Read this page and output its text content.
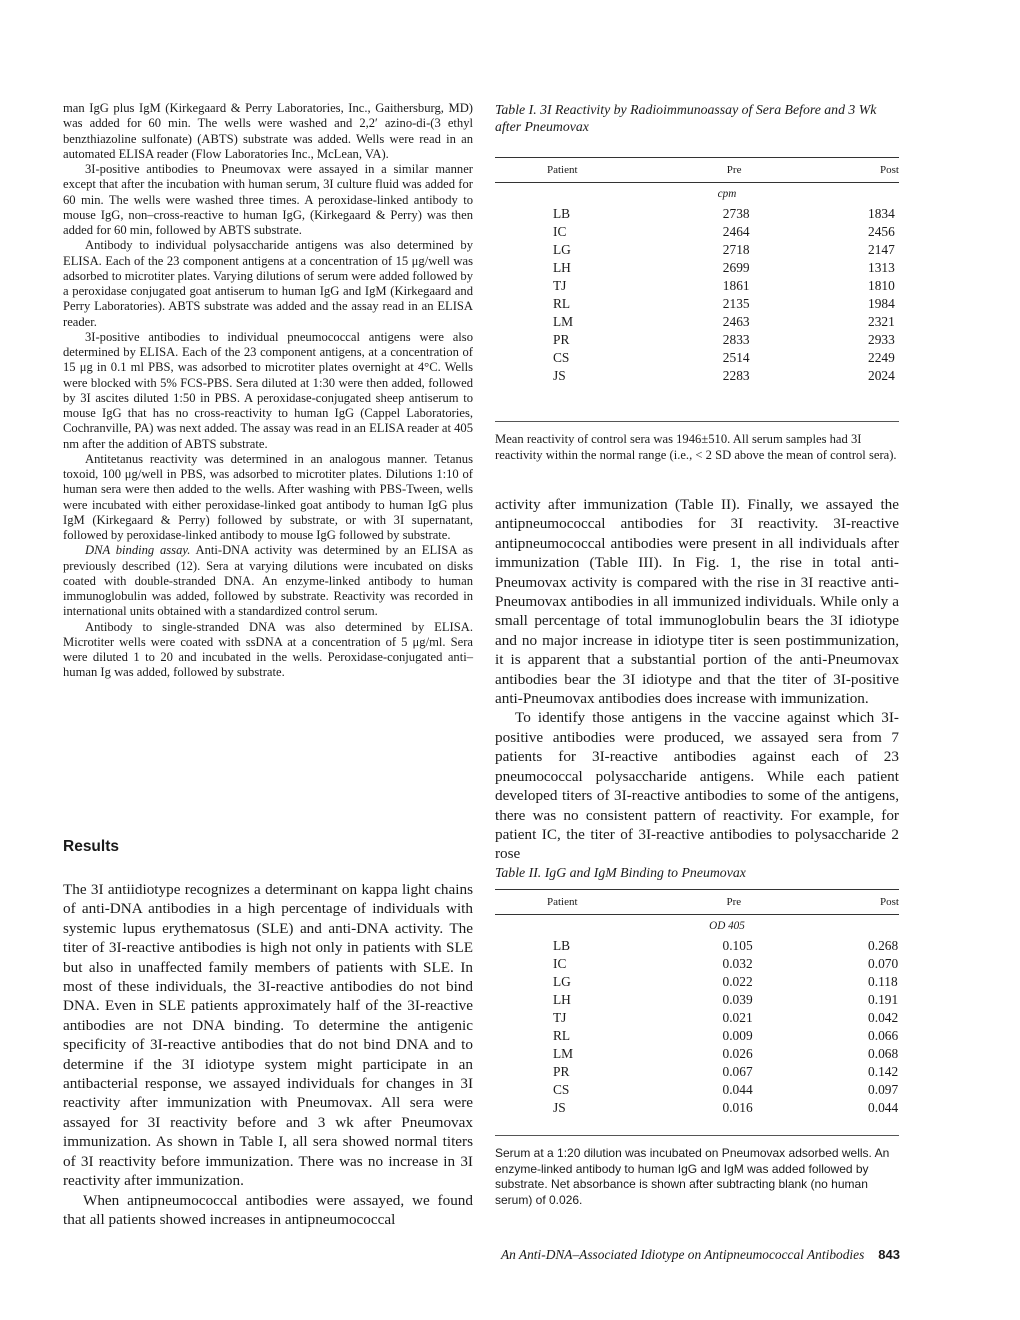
man IgG plus IgM (Kirkegaard & Perry Laboratories, Inc., Gaithersburg, MD) was added for 60 min. The wells were washed and 2,2′ azino-di-(3 ethyl benzthiazoline sulfonate) (ABTS) substrate was added. Wells were read in an automated ELISA reader (Flow Laboratories Inc., McLean, VA).

3I-positive antibodies to Pneumovax were assayed in a similar manner except that after the incubation with human serum, 3I culture fluid was added for 60 min. The wells were washed three times. A peroxidase-linked antibody to mouse IgG, non–cross-reactive to human IgG, (Kirkegaard & Perry) was then added for 60 min, followed by ABTS substrate.

Antibody to individual polysaccharide antigens was also determined by ELISA. Each of the 23 component antigens at a concentration of 15 μg/well was adsorbed to microtiter plates. Varying dilutions of serum were added followed by a peroxidase conjugated goat antiserum to human IgG and IgM (Kirkegaard and Perry Laboratories). ABTS substrate was added and the assay read in an ELISA reader.

3I-positive antibodies to individual pneumococcal antigens were also determined by ELISA. Each of the 23 component antigens, at a concentration of 15 μg in 0.1 ml PBS, was adsorbed to microtiter plates overnight at 4°C. Wells were blocked with 5% FCS-PBS. Sera diluted at 1:30 were then added, followed by 3I ascites diluted 1:50 in PBS. A peroxidase-conjugated sheep antiserum to mouse IgG that has no cross-reactivity to human IgG (Cappel Laboratories, Cochranville, PA) was next added. The assay was read in an ELISA reader at 405 nm after the addition of ABTS substrate.

Antitetanus reactivity was determined in an analogous manner. Tetanus toxoid, 100 μg/well in PBS, was adsorbed to microtiter plates. Dilutions 1:10 of human sera were then added to the wells. After washing with PBS-Tween, wells were incubated with either peroxidase-linked goat antibody to human IgG plus IgM (Kirkegaard & Perry) followed by substrate, or with 3I supernatant, followed by peroxidase-linked antibody to mouse IgG followed by substrate.

DNA binding assay. Anti-DNA activity was determined by an ELISA as previously described (12). Sera at varying dilutions were incubated on disks coated with double-stranded DNA. An enzyme-linked antibody to human immunoglobulin was added, followed by substrate. Reactivity was recorded in international units obtained with a standardized control serum.

Antibody to single-stranded DNA was also determined by ELISA. Microtiter wells were coated with ssDNA at a concentration of 5 μg/ml. Sera were diluted 1 to 20 and incubated in the wells. Peroxidase-conjugated anti–human Ig was added, followed by substrate.

Results

The 3I antiidiotype recognizes a determinant on kappa light chains of anti-DNA antibodies in a high percentage of individuals with systemic lupus erythematosus (SLE) and anti-DNA activity. The titer of 3I-reactive antibodies is high not only in patients with SLE but also in unaffected family members of patients with SLE. In most of these individuals, the 3I-reactive antibodies do not bind DNA. Even in SLE patients approximately half of the 3I-reactive antibodies are not DNA binding. To determine the antigenic specificity of 3I-reactive antibodies that do not bind DNA and to determine if the 3I idiotype system might participate in an antibacterial response, we assayed individuals for changes in 3I reactivity after immunization with Pneumovax. All sera were assayed for 3I reactivity before and 3 wk after Pneumovax immunization. As shown in Table I, all sera showed normal titers of 3I reactivity before immunization. There was no increase in 3I reactivity after immunization.

When antipneumococcal antibodies were assayed, we found that all patients showed increases in antipneumococcal

Table I. 3I Reactivity by Radioimmunoassay of Sera Before and 3 Wk after Pneumovax
Patient	Pre	Post
cpm		
LB	2738	1834
IC	2464	2456
LG	2718	2147
LH	2699	1313
TJ	1861	1810
RL	2135	1984
LM	2463	2321
PR	2833	2933
CS	2514	2249
JS	2283	2024
Mean reactivity of control sera was 1946±510. All serum samples had 3I reactivity within the normal range (i.e., < 2 SD above the mean of control sera).

activity after immunization (Table II). Finally, we assayed the antipneumococcal antibodies for 3I reactivity. 3I-reactive antipneumococcal antibodies were present in all individuals after immunization (Table III). In Fig. 1, the rise in total anti-Pneumovax activity is compared with the rise in 3I reactive anti-Pneumovax antibodies in all immunized individuals. While only a small percentage of total immunoglobulin bears the 3I idiotype and no major increase in idiotype titer is seen postimmunization, it is apparent that a substantial portion of the anti-Pneumovax antibodies bear the 3I idiotype and that the titer of 3I-positive anti-Pneumovax antibodies does increase with immunization.

To identify those antigens in the vaccine against which 3I-positive antibodies were produced, we assayed sera from 7 patients for 3I-reactive antibodies against each of 23 pneumococcal polysaccharide antigens. While each patient developed titers of 3I-reactive antibodies to some of the antigens, there was no consistent pattern of reactivity. For example, for patient IC, the titer of 3I-reactive antibodies to polysaccharide 2 rose

Table II. IgG and IgM Binding to Pneumovax
Patient	Pre	Post
OD 405		
LB	0.105	0.268
IC	0.032	0.070
LG	0.022	0.118
LH	0.039	0.191
TJ	0.021	0.042
RL	0.009	0.066
LM	0.026	0.068
PR	0.067	0.142
CS	0.044	0.097
JS	0.016	0.044
Serum at a 1:20 dilution was incubated on Pneumovax adsorbed wells. An enzyme-linked antibody to human IgG and IgM was added followed by substrate. Net absorbance is shown after subtracting blank (no human serum) of 0.026.
An Anti-DNA–Associated Idiotype on Antipneumococcal Antibodies 843
